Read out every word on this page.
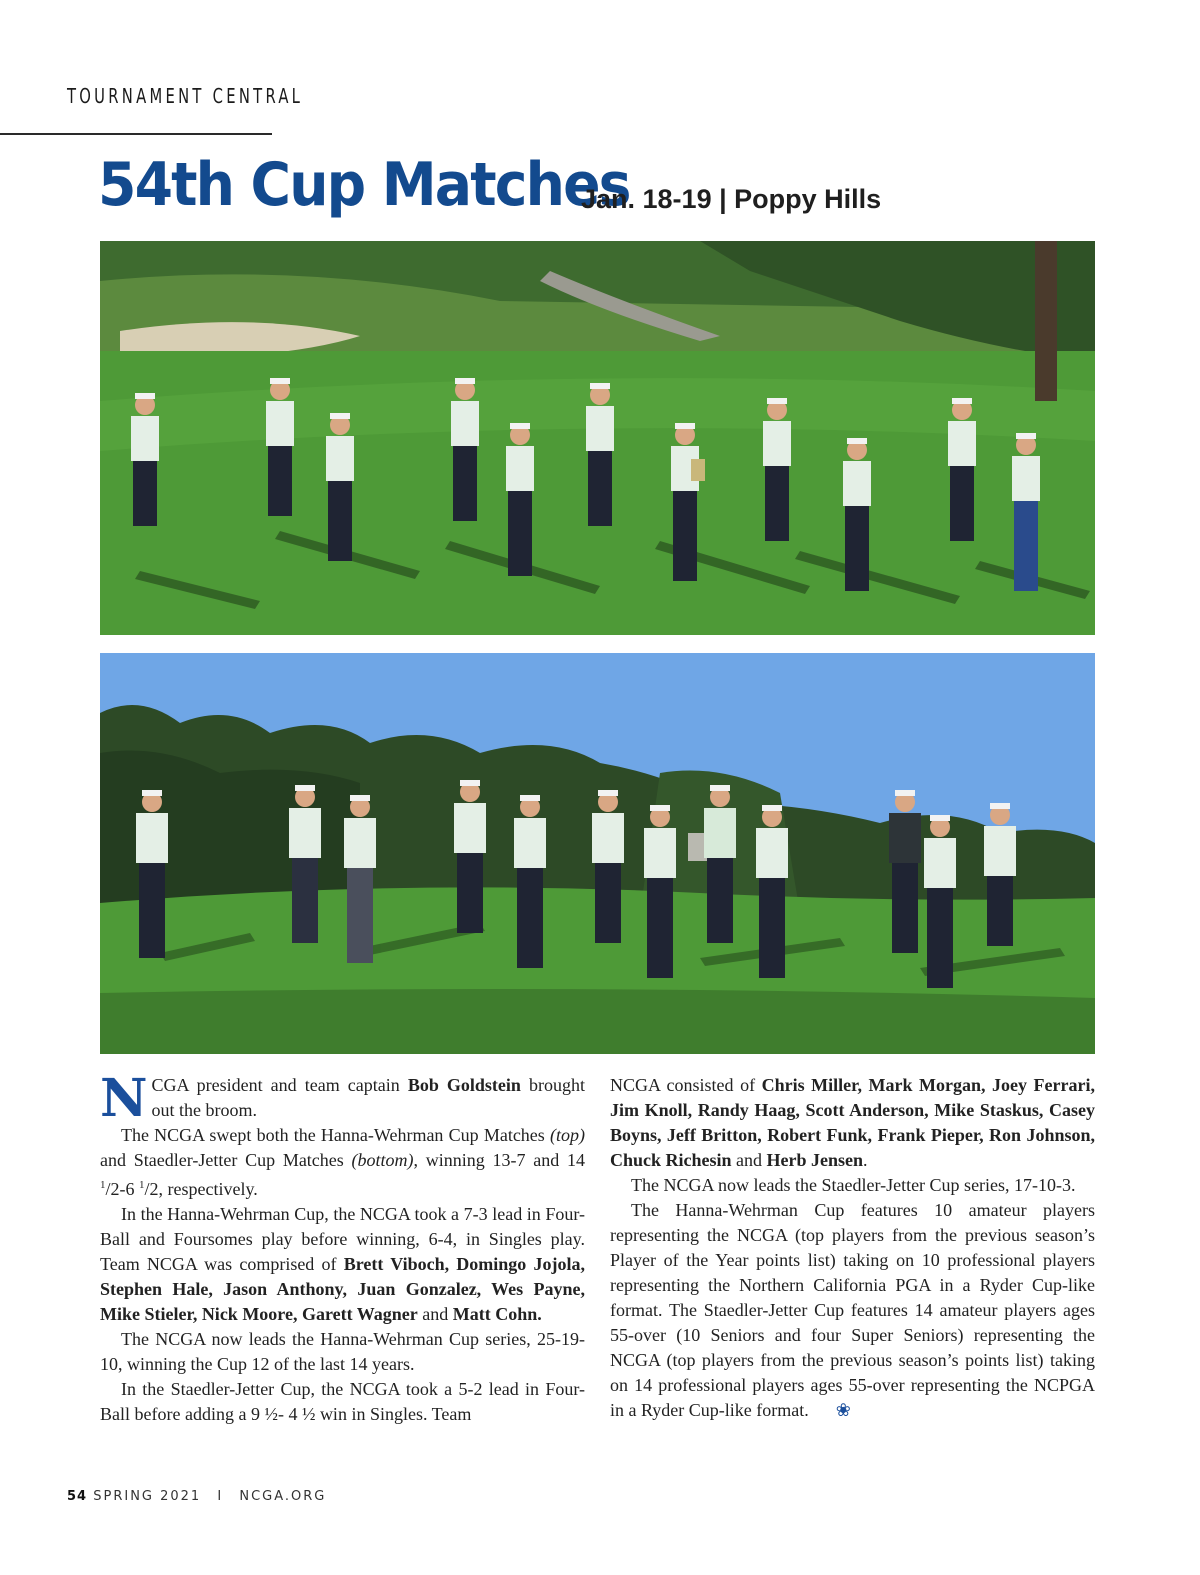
TOURNAMENT CENTRAL
54th Cup Matches
Jan. 18-19 | Poppy Hills

NCGA president and team captain Bob Goldstein brought out the broom.

The NCGA swept both the Hanna-Wehrman Cup Matches (top) and Staedler-Jetter Cup Matches (bottom), winning 13-7 and 14 $^1$/2-6 $^1$/2, respectively.

In the Hanna-Wehrman Cup, the NCGA took a 7-3 lead in Four-Ball and Foursomes play before winning, 6-4, in Singles play. Team NCGA was comprised of Brett Viboch, Domingo Jojola, Stephen Hale, Jason Anthony, Juan Gonzalez, Wes Payne, Mike Stieler, Nick Moore, Garett Wagner and Matt Cohn.

The NCGA now leads the Hanna-Wehrman Cup series, 25-19-10, winning the Cup 12 of the last 14 years.

In the Staedler-Jetter Cup, the NCGA took a 5-2 lead in Four-Ball before adding a 9 ½- 4 ½ win in Singles. Team

NCGA consisted of Chris Miller, Mark Morgan, Joey Ferrari, Jim Knoll, Randy Haag, Scott Anderson, Mike Staskus, Casey Boyns, Jeff Britton, Robert Funk, Frank Pieper, Ron Johnson, Chuck Richesin and Herb Jensen.

The NCGA now leads the Staedler-Jetter Cup series, 17-10-3.

The Hanna-Wehrman Cup features 10 amateur players representing the NCGA (top players from the previous season’s Player of the Year points list) taking on 10 professional players representing the Northern California PGA in a Ryder Cup-like format. The Staedler-Jetter Cup features 14 amateur players ages 55-over (10 Seniors and four Super Seniors) representing the NCGA (top players from the previous season’s points list) taking on 14 professional players ages 55-over representing the NCPGA in a Ryder Cup-like format. ❀

54 SPRING 2021 I NCGA.ORG
